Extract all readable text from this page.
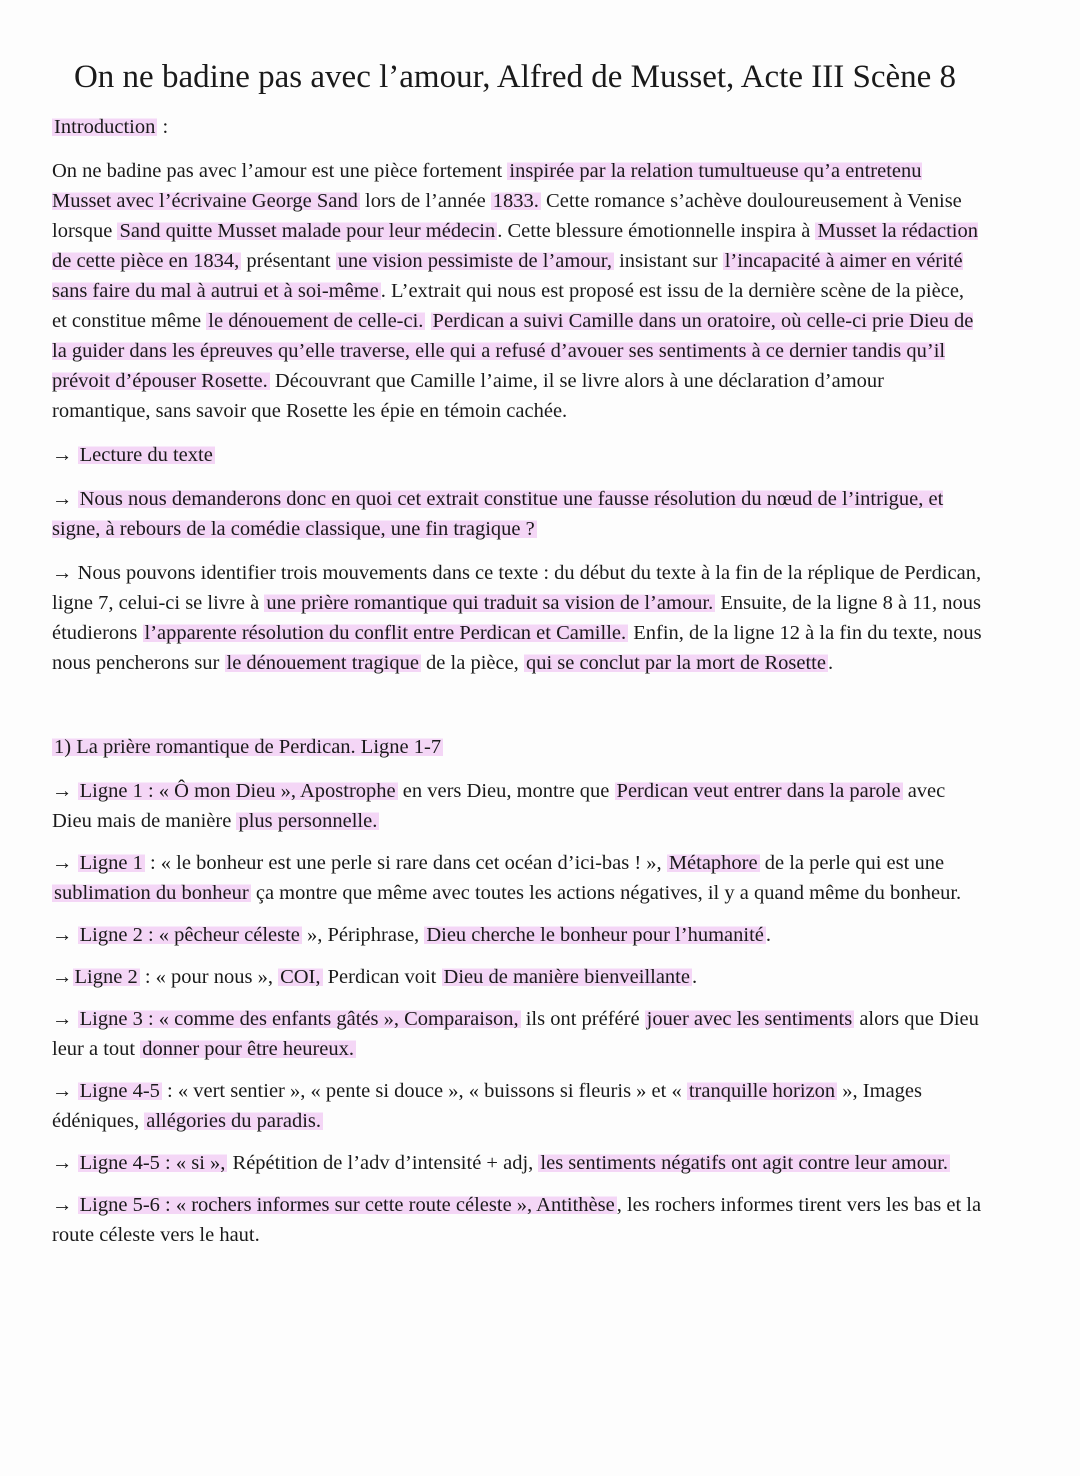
On ne badine pas avec l’amour, Alfred de Musset, Acte III Scène 8
Introduction :

On ne badine pas avec l’amour est une pièce fortement inspirée par la relation tumultueuse qu’a entretenu Musset avec l’écrivaine George Sand lors de l’année 1833. Cette romance s’achève douloureusement à Venise lorsque Sand quitte Musset malade pour leur médecin. Cette blessure émotionnelle inspira à Musset la rédaction de cette pièce en 1834, présentant une vision pessimiste de l’amour, insistant sur l’incapacité à aimer en vérité sans faire du mal à autrui et à soi-même. L’extrait qui nous est proposé est issu de la dernière scène de la pièce, et constitue même le dénouement de celle-ci. Perdican a suivi Camille dans un oratoire, où celle-ci prie Dieu de la guider dans les épreuves qu’elle traverse, elle qui a refusé d’avouer ses sentiments à ce dernier tandis qu’il prévoit d’épouser Rosette. Découvrant que Camille l’aime, il se livre alors à une déclaration d’amour romantique, sans savoir que Rosette les épie en témoin cachée.

→ Lecture du texte

→ Nous nous demanderons donc en quoi cet extrait constitue une fausse résolution du nœud de l’intrigue, et signe, à rebours de la comédie classique, une fin tragique ?

→ Nous pouvons identifier trois mouvements dans ce texte : du début du texte à la fin de la réplique de Perdican, ligne 7, celui-ci se livre à une prière romantique qui traduit sa vision de l’amour. Ensuite, de la ligne 8 à 11, nous étudierons l’apparente résolution du conflit entre Perdican et Camille. Enfin, de la ligne 12 à la fin du texte, nous nous pencherons sur le dénouement tragique de la pièce, qui se conclut par la mort de Rosette.

1) La prière romantique de Perdican. Ligne 1-7

→ Ligne 1 : « Ô mon Dieu », Apostrophe en vers Dieu, montre que Perdican veut entrer dans la parole avec Dieu mais de manière plus personnelle.

→ Ligne 1 : « le bonheur est une perle si rare dans cet océan d’ici-bas ! », Métaphore de la perle qui est une sublimation du bonheur ça montre que même avec toutes les actions négatives, il y a quand même du bonheur.

→ Ligne 2 : « pêcheur céleste », Périphrase, Dieu cherche le bonheur pour l’humanité.

→Ligne 2 : « pour nous », COI, Perdican voit Dieu de manière bienveillante.

→ Ligne 3 : « comme des enfants gâtés », Comparaison, ils ont préféré jouer avec les sentiments alors que Dieu leur a tout donner pour être heureux.

→ Ligne 4-5 : « vert sentier », « pente si douce », « buissons si fleuris » et « tranquille horizon », Images édéniques, allégories du paradis.

→ Ligne 4-5 : « si », Répétition de l’adv d’intensité + adj, les sentiments négatifs ont agit contre leur amour.

→ Ligne 5-6 : « rochers informes sur cette route céleste », Antithèse, les rochers informes tirent vers les bas et la route céleste vers le haut.
